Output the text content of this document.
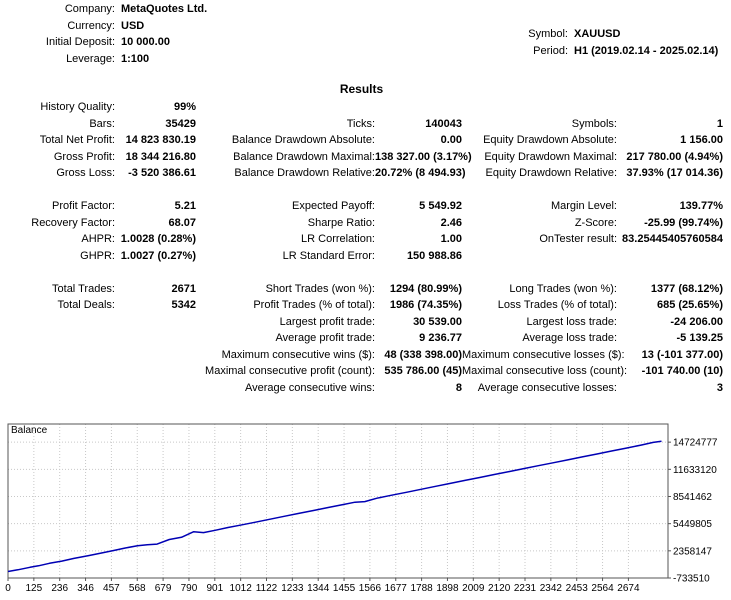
Company: MetaQuotes Ltd.
Currency: USD
Initial Deposit: 10 000.00
Leverage: 1:100
Symbol: XAUUSD
Period: H1 (2019.02.14 - 2025.02.14)
Results
History Quality:	99%
Bars:	35429	Ticks:	140043	Symbols:	1
Total Net Profit: 14 823 830.19	Balance Drawdown Absolute:	0.00	Equity Drawdown Absolute:	1 156.00
Gross Profit: 18 344 216.80	Balance Drawdown Maximal: 138 327.00 (3.17%)	Equity Drawdown Maximal: 217 780.00 (4.94%)
Gross Loss:	-3 520 386.61	Balance Drawdown Relative: 20.72% (8 494.93)	Equity Drawdown Relative: 37.93% (17 014.36)
Profit Factor:	5.21	Expected Payoff:	5 549.92	Margin Level:	139.77%
Recovery Factor:	68.07	Sharpe Ratio:	2.46	Z-Score:	-25.99 (99.74%)
AHPR: 1.0028 (0.28%)	LR Correlation:	1.00	OnTester result: 83.25445405760584
GHPR: 1.0027 (0.27%)	LR Standard Error:	150 988.86
Total Trades:	2671	Short Trades (won %):	1294 (80.99%)	Long Trades (won %):	1377 (68.12%)
Total Deals:	5342	Profit Trades (% of total):	1986 (74.35%)	Loss Trades (% of total):	685 (25.65%)
Largest profit trade:	30 539.00	Largest loss trade:	-24 206.00
Average profit trade:	9 236.77	Average loss trade:	-5 139.25
Maximum consecutive wins ($): 48 (338 398.00) Maximum consecutive losses ($):	13 (-101 377.00)
Maximal consecutive profit (count): 535 786.00 (45) Maximal consecutive loss (count):	-101 740.00 (10)
Average consecutive wins:	8	Average consecutive losses:	3
-733510
2358147
5449805
8541462
11633120
14724777
0 125 236 346 457 568 679 790 901 1012 1122 1233 1344 1455 1566 1677 1788 1898 2009 2120 2231 2342 2453 2564 2674
Balance
